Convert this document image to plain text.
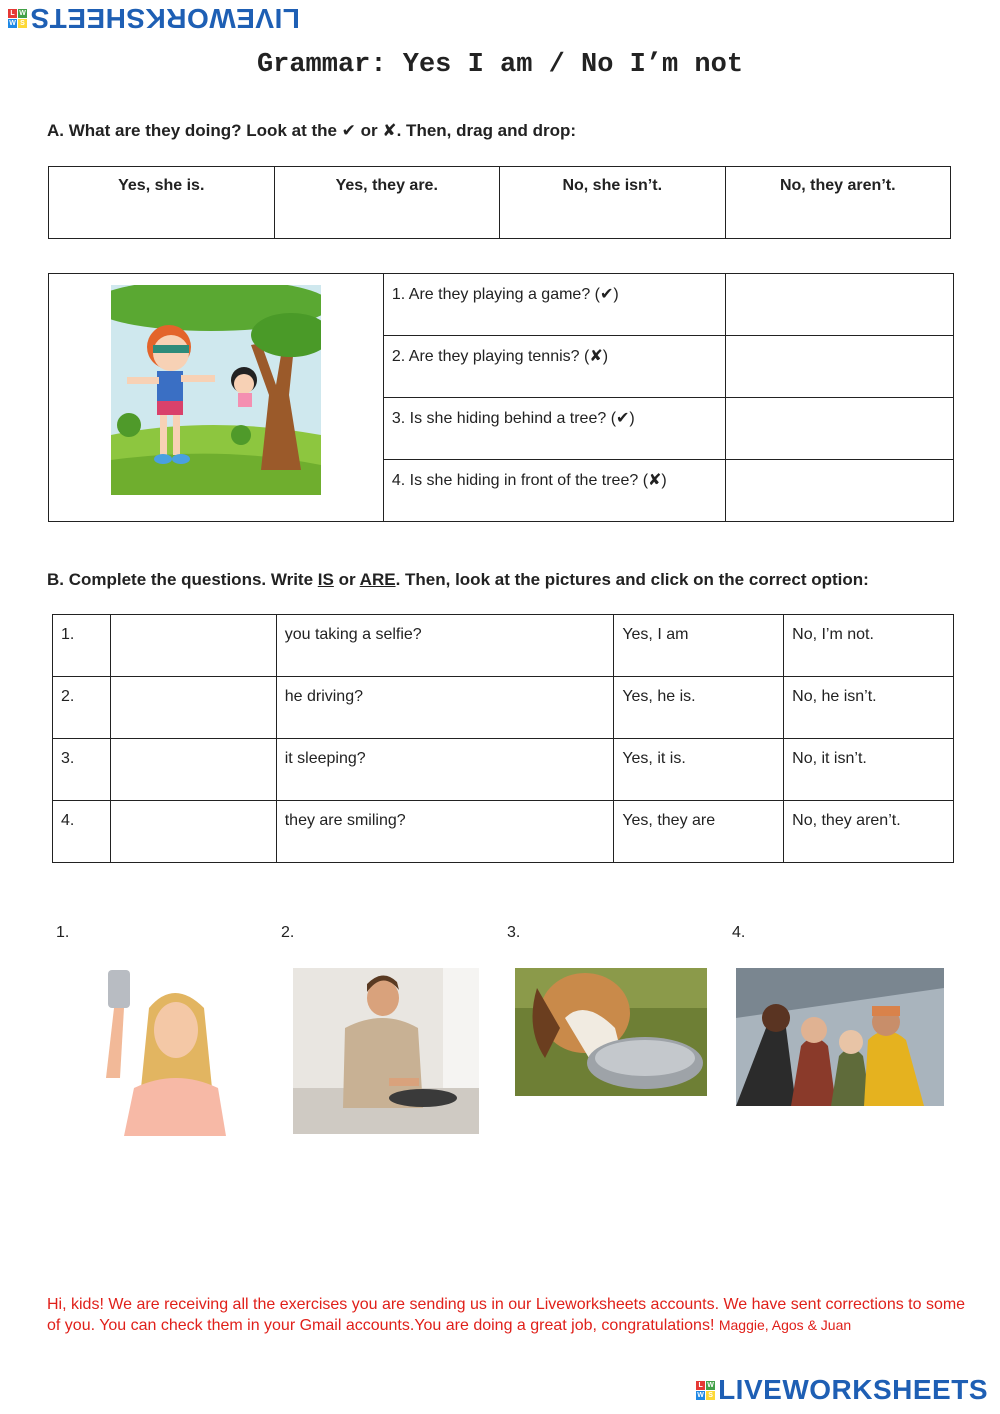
L W
W S LIVEWORKSHEETS
Grammar: Yes I am / No I’m not
A. What are they doing? Look at the ✔ or ✘. Then, drag and drop:
Yes, she is.	Yes, they are.	No, she isn’t.	No, they aren’t.
	1. Are they playing a game? (✔)	
	2. Are they playing tennis? (✘)	
	3. Is she hiding behind a tree? (✔)	
	4. Is she hiding in front of the tree? (✘)	
B. Complete the questions. Write IS or ARE. Then, look at the pictures and click on the correct option:
1.		you taking a selfie?	Yes, I am	No, I’m not.
2.		he driving?	Yes, he is.	No, he isn’t.
3.		it sleeping?	Yes, it is.	No, it isn’t.
4.		they are smiling?	Yes, they are	No, they aren’t.
1.	2.	3.	4.
Hi, kids! We are receiving all the exercises you are sending us in our Liveworksheets accounts. We have sent corrections to some of you. You can check them in your Gmail accounts.You are doing a great job, congratulations! Maggie, Agos & Juan
L W
W S LIVEWORKSHEETS
